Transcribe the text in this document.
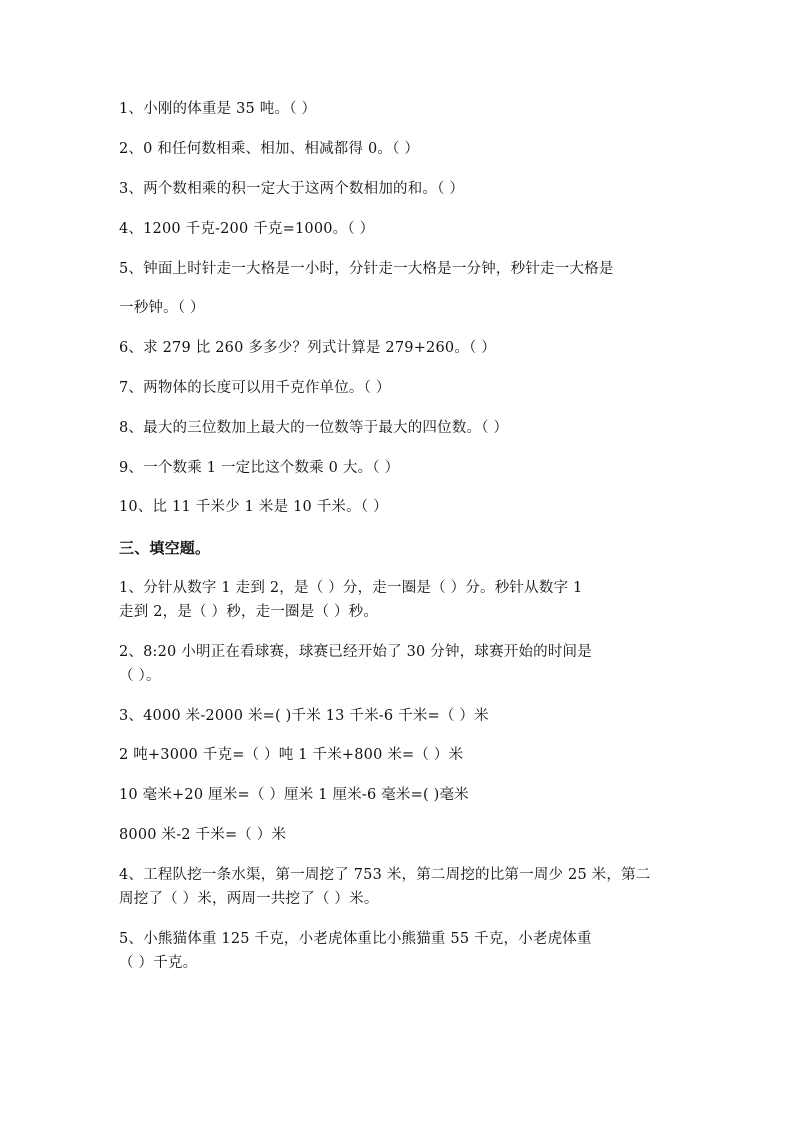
1、小刚的体重是 35 吨。（ ）
2、0 和任何数相乘、相加、相减都得 0。（ ）
3、两个数相乘的积一定大于这两个数相加的和。（ ）
4、1200 千克-200 千克=1000。（ ）
5、钟面上时针走一大格是一小时，分针走一大格是一分钟，秒针走一大格是
一秒钟。（ ）
6、求 279 比 260 多多少？列式计算是 279+260。（ ）
7、两物体的长度可以用千克作单位。（ ）
8、最大的三位数加上最大的一位数等于最大的四位数。（ ）
9、一个数乘 1 一定比这个数乘 0 大。（ ）
10、比 11 千米少 1 米是 10 千米。（ ）
三、填空题。
1、分针从数字 1 走到 2，是（ ）分，走一圈是（ ）分。秒针从数字 1
走到 2，是（ ）秒，走一圈是（ ）秒。
2、8:20 小明正在看球赛，球赛已经开始了 30 分钟，球赛开始的时间是
（ ）。
3、4000 米-2000 米=( )千米 13 千米-6 千米=（ ）米
2 吨+3000 千克=（ ）吨 1 千米+800 米=（ ）米
10 毫米+20 厘米=（ ）厘米 1 厘米-6 毫米=( )毫米
8000 米-2 千米=（ ）米
4、工程队挖一条水渠，第一周挖了 753 米，第二周挖的比第一周少 25 米，第二
周挖了（ ）米，两周一共挖了（ ）米。
5、小熊猫体重 125 千克，小老虎体重比小熊猫重 55 千克，小老虎体重
（ ）千克。
